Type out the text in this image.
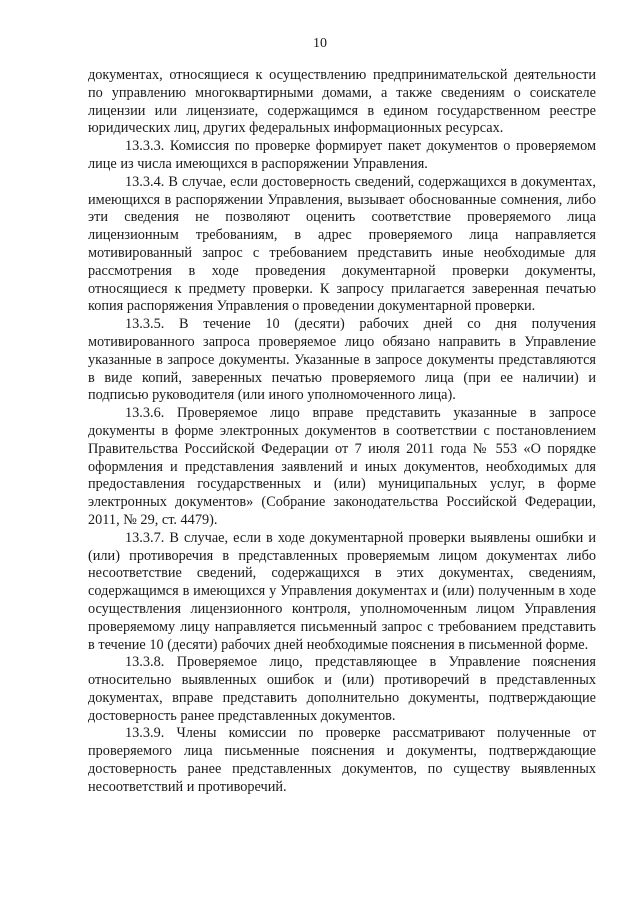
10

документах, относящиеся к осуществлению предпринимательской деятельности по управлению многоквартирными домами, а также сведениям о соискателе лицензии или лицензиате, содержащимся в едином государственном реестре юридических лиц, других федеральных информационных ресурсах.

13.3.3. Комиссия по проверке формирует пакет документов о проверяемом лице из числа имеющихся в распоряжении Управления.

13.3.4. В случае, если достоверность сведений, содержащихся в документах, имеющихся в распоряжении Управления, вызывает обоснованные сомнения, либо эти сведения не позволяют оценить соответствие проверяемого лица лицензионным требованиям, в адрес проверяемого лица направляется мотивированный запрос с требованием представить иные необходимые для рассмотрения в ходе проведения документарной проверки документы, относящиеся к предмету проверки. К запросу прилагается заверенная печатью копия распоряжения Управления о проведении документарной проверки.

13.3.5. В течение 10 (десяти) рабочих дней со дня получения мотивированного запроса проверяемое лицо обязано направить в Управление указанные в запросе документы. Указанные в запросе документы представляются в виде копий, заверенных печатью проверяемого лица (при ее наличии) и подписью руководителя (или иного уполномоченного лица).

13.3.6. Проверяемое лицо вправе представить указанные в запросе документы в форме электронных документов в соответствии с постановлением Правительства Российской Федерации от 7 июля 2011 года № 553 «О порядке оформления и представления заявлений и иных документов, необходимых для предоставления государственных и (или) муниципальных услуг, в форме электронных документов» (Собрание законодательства Российской Федерации, 2011, № 29, ст. 4479).

13.3.7. В случае, если в ходе документарной проверки выявлены ошибки и (или) противоречия в представленных проверяемым лицом документах либо несоответствие сведений, содержащихся в этих документах, сведениям, содержащимся в имеющихся у Управления документах и (или) полученным в ходе осуществления лицензионного контроля, уполномоченным лицом Управления проверяемому лицу направляется письменный запрос с требованием представить в течение 10 (десяти) рабочих дней необходимые пояснения в письменной форме.

13.3.8. Проверяемое лицо, представляющее в Управление пояснения относительно выявленных ошибок и (или) противоречий в представленных документах, вправе представить дополнительно документы, подтверждающие достоверность ранее представленных документов.

13.3.9. Члены комиссии по проверке рассматривают полученные от проверяемого лица письменные пояснения и документы, подтверждающие достоверность ранее представленных документов, по существу выявленных несоответствий и противоречий.
